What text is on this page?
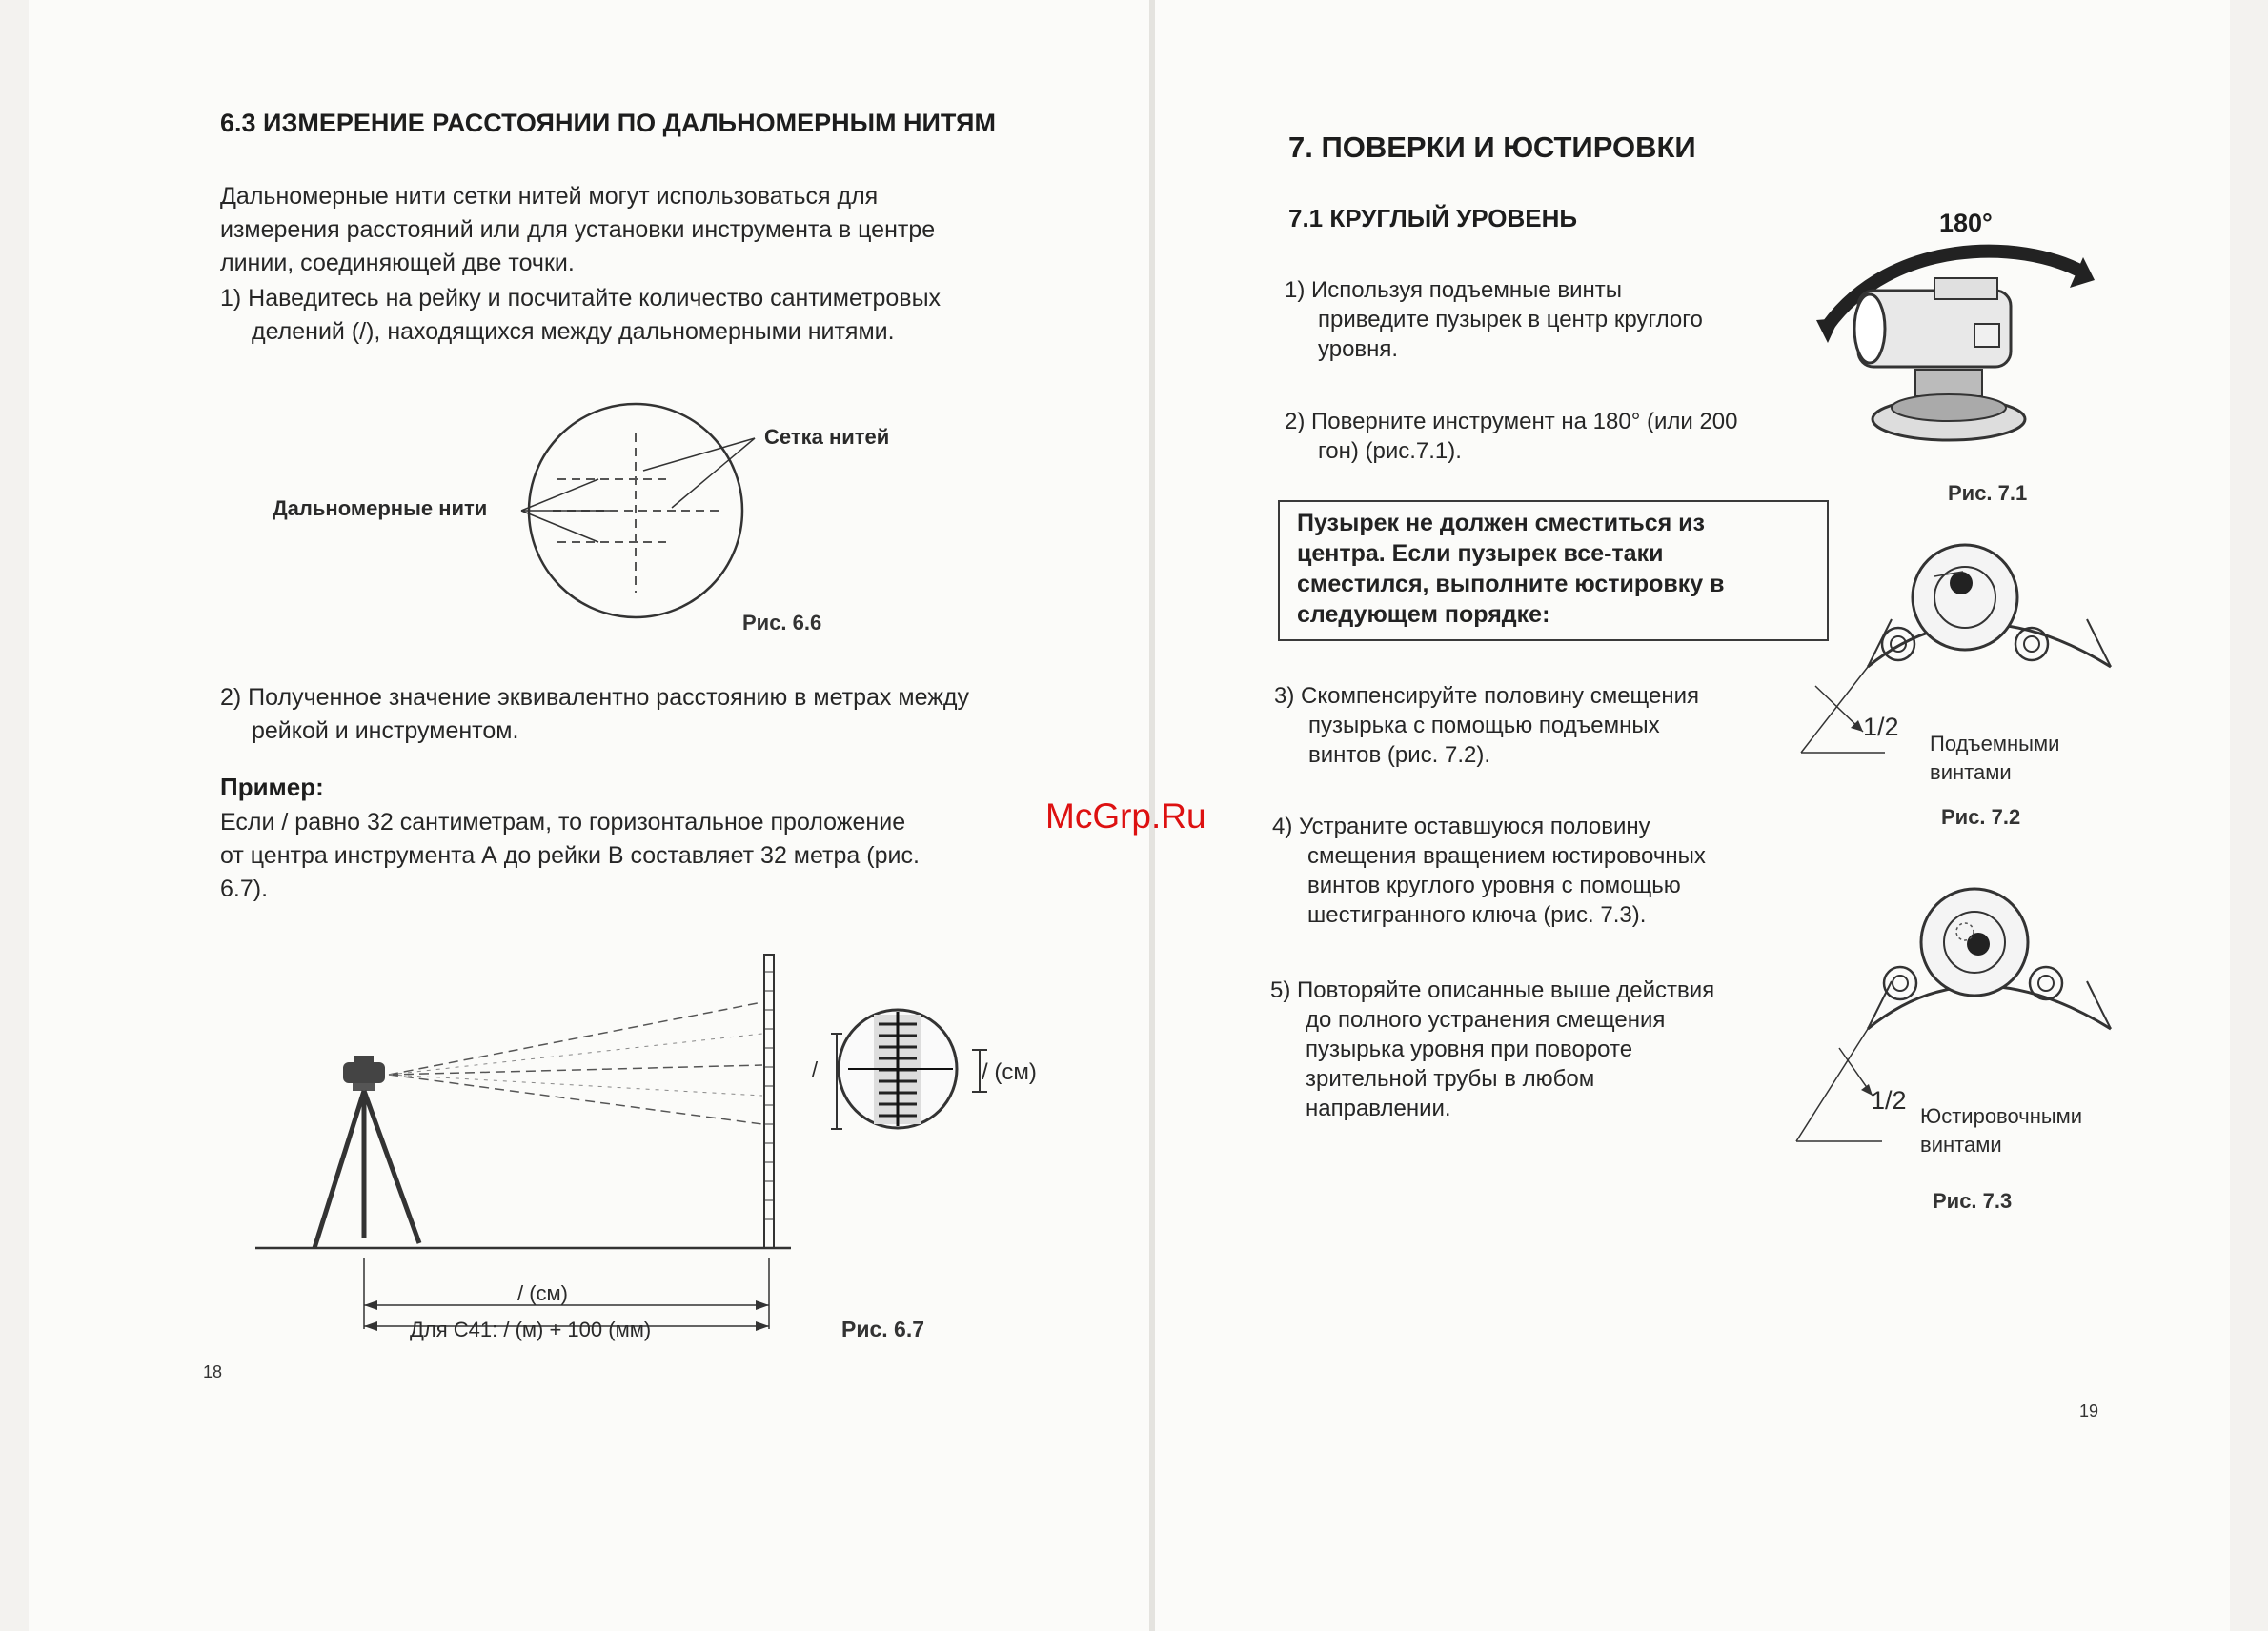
6.3 ИЗМЕРЕНИЕ РАССТОЯНИИ ПО ДАЛЬНОМЕРНЫМ НИТЯМ
Дальномерные нити сетки нитей могут использоваться для
измерения расстояний или для установки инструмента в центре
линии, соединяющей две точки.
1) Наведитесь на рейку и посчитайте количество сантиметровых
делений (/), находящихся между дальномерными нитями.
Сетка нитей
Дальномерные нити
Рис. 6.6
2) Полученное значение эквивалентно расстоянию в метрах между
рейкой и инструментом.
Пример:
Если / равно 32 сантиметрам, то горизонтальное проложение
от центра инструмента А до рейки В составляет 32 метра (рис.
6.7).
/	/ (см)
/ (см)
Для С41: / (м) + 100 (мм)	Рис. 6.7
18
7. ПОВЕРКИ И ЮСТИРОВКИ
7.1 КРУГЛЫЙ УРОВЕНЬ
1) Используя подъемные винты
приведите пузырек в центр круглого
уровня.
2) Поверните инструмент на 180° (или 200
гон) (рис.7.1).
Пузырек не должен сместиться из
центра. Если пузырек все-таки
сместился, выполните юстировку в
следующем порядке:
3) Скомпенсируйте половину смещения
пузырька с помощью подъемных
винтов (рис. 7.2).
4) Устраните оставшуюся половину
смещения вращением юстировочных
винтов круглого уровня с помощью
шестигранного ключа (рис. 7.3).
5) Повторяйте описанные выше действия
до полного устранения смещения
пузырька уровня при повороте
зрительной трубы в любом
направлении.
180°
Рис. 7.1
1/2
Подъемными
винтами
Рис. 7.2
1/2
Юстировочными
винтами
Рис. 7.3
19
McGrp.Ru
